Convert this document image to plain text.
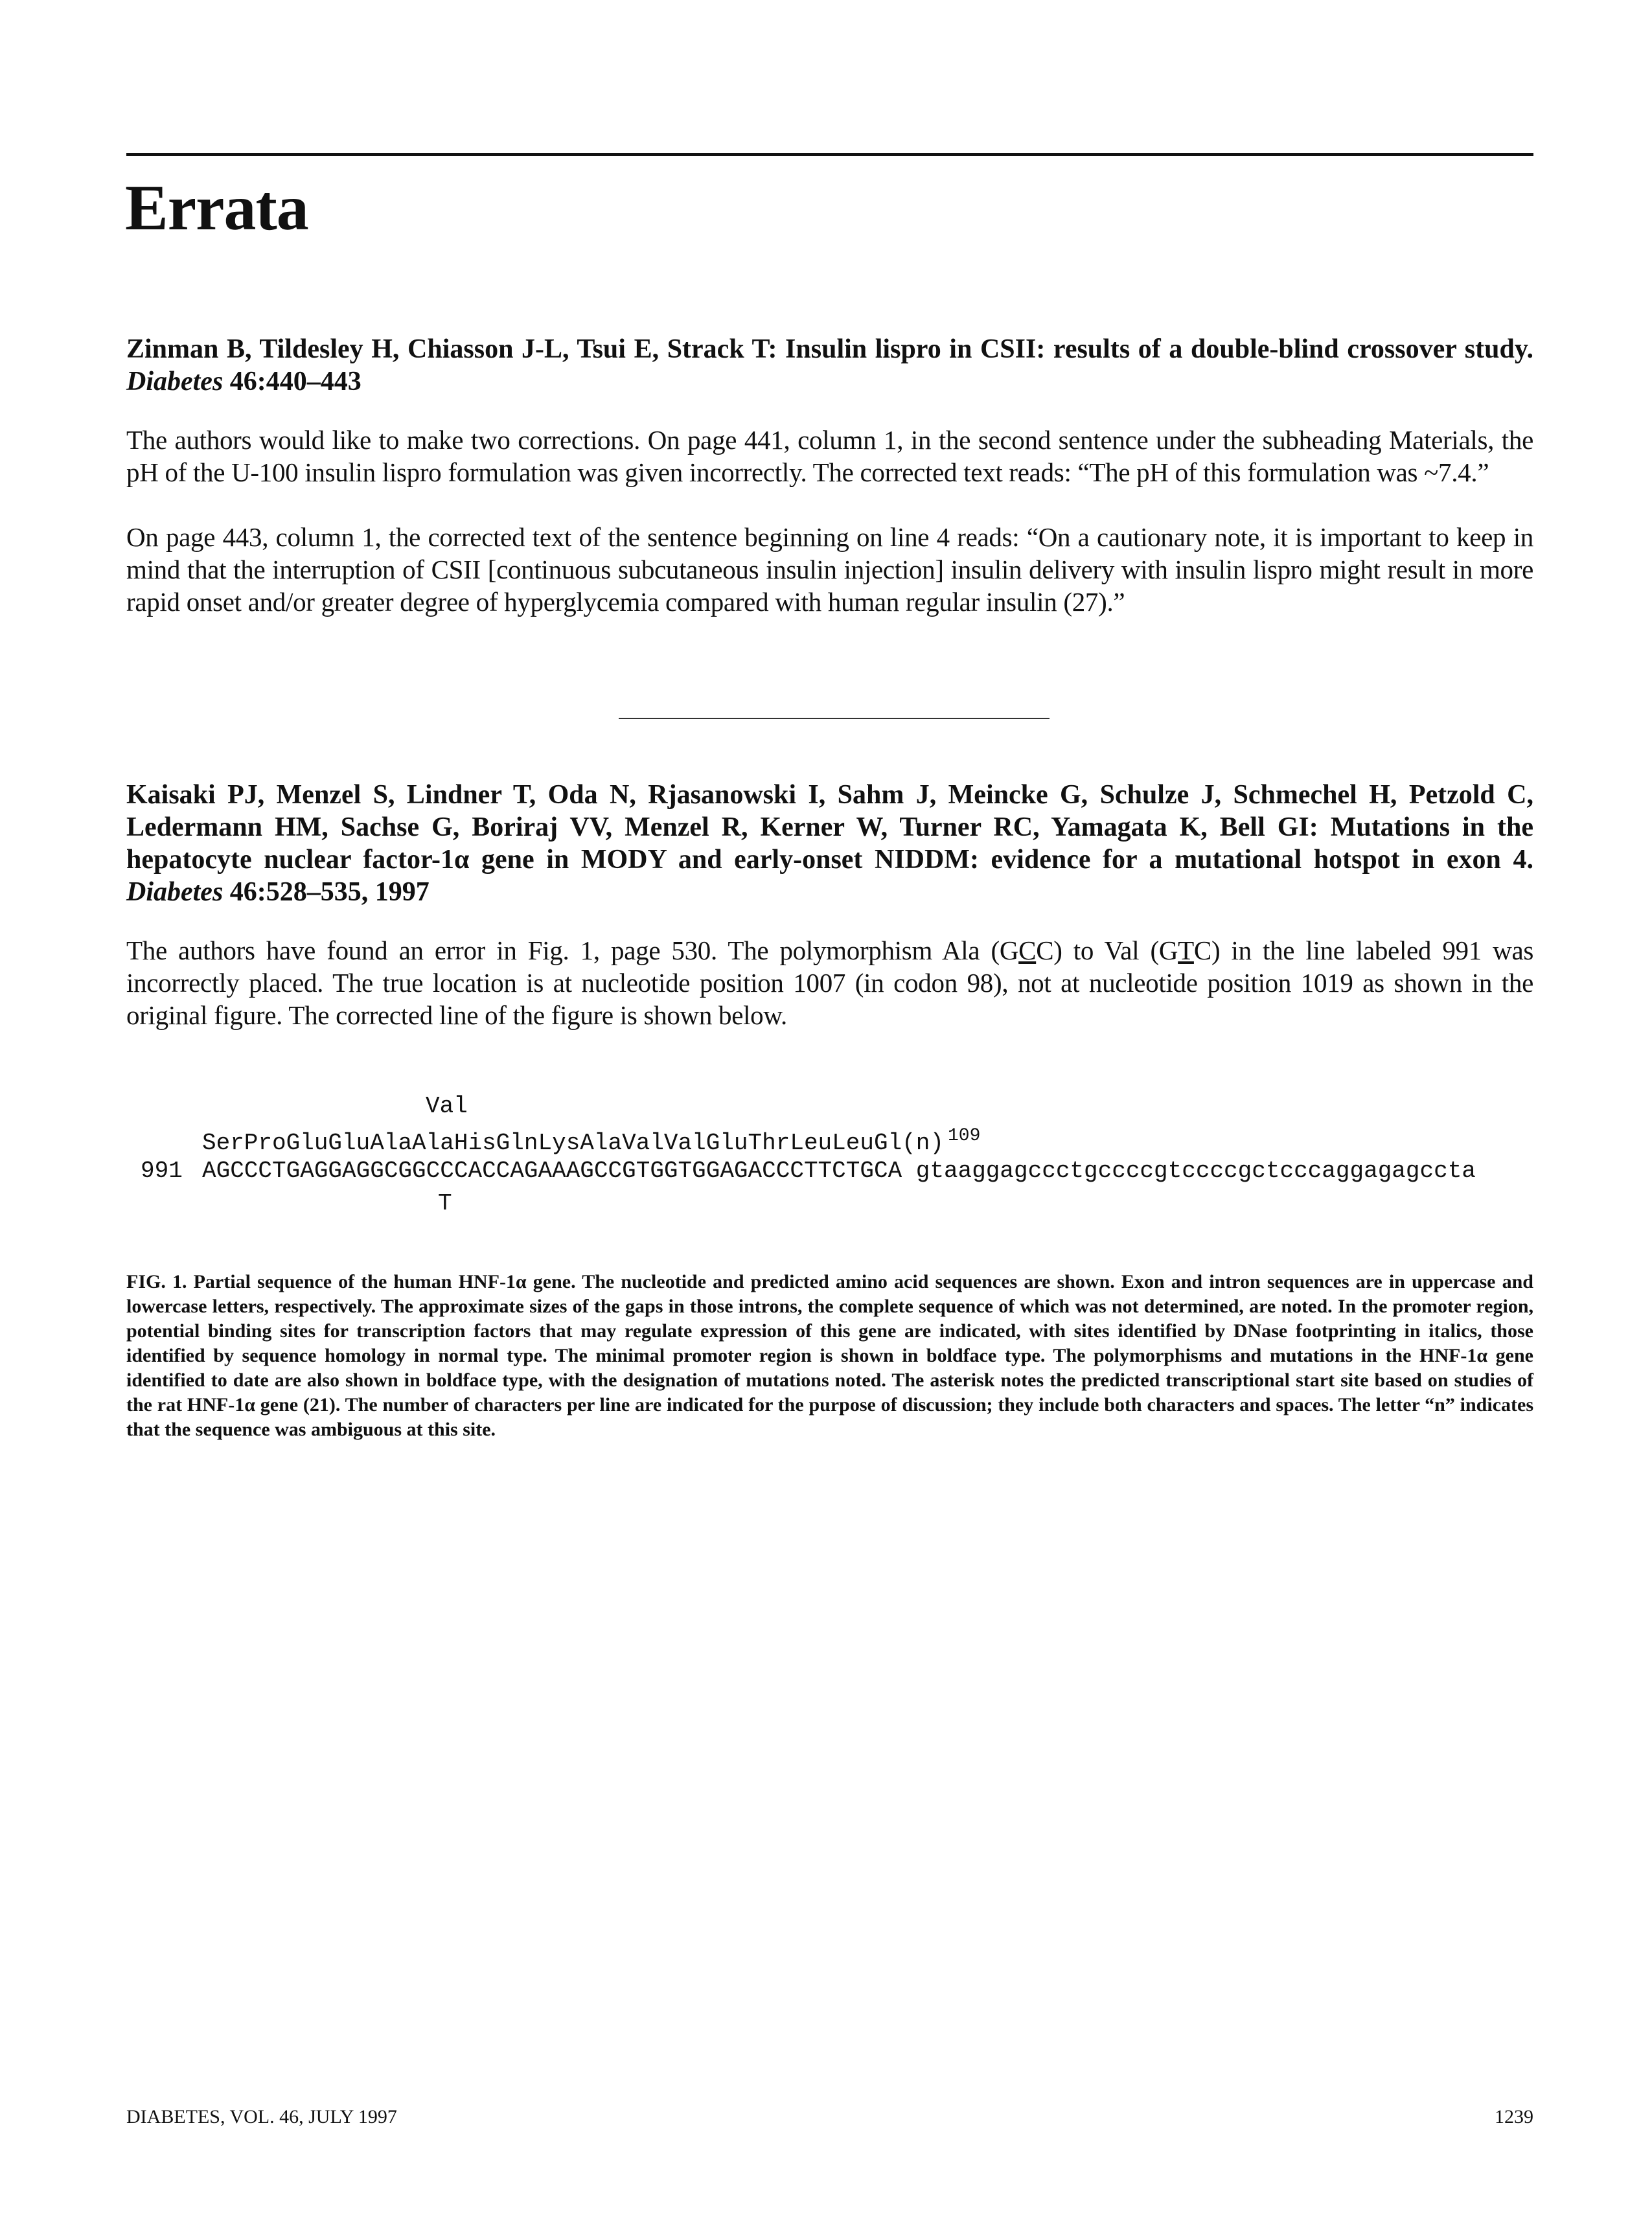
Errata

Zinman B, Tildesley H, Chiasson J-L, Tsui E, Strack T: Insulin lispro in CSII: results of a double-blind crossover study. Diabetes 46:440–443

The authors would like to make two corrections. On page 441, column 1, in the second sentence under the subheading Materials, the pH of the U-100 insulin lispro formulation was given incorrectly. The corrected text reads: “The pH of this formulation was ~7.4.”

On page 443, column 1, the corrected text of the sentence beginning on line 4 reads: “On a cautionary note, it is important to keep in mind that the interruption of CSII [continuous subcutaneous insulin injection] insulin delivery with insulin lispro might result in more rapid onset and/or greater degree of hyperglycemia compared with human regular insulin (27).”

Kaisaki PJ, Menzel S, Lindner T, Oda N, Rjasanowski I, Sahm J, Meincke G, Schulze J, Schmechel H, Petzold C, Ledermann HM, Sachse G, Boriraj VV, Menzel R, Kerner W, Turner RC, Yamagata K, Bell GI: Mutations in the hepatocyte nuclear factor-1α gene in MODY and early-onset NIDDM: evidence for a mutational hotspot in exon 4. Diabetes 46:528–535, 1997

The authors have found an error in Fig. 1, page 530. The polymorphism Ala (GCC) to Val (GTC) in the line labeled 991 was incorrectly placed. The true location is at nucleotide position 1007 (in codon 98), not at nucleotide position 1019 as shown in the original figure. The corrected line of the figure is shown below.

Val
SerProGluGluAlaAlaHisGlnLysAlaValValGluThrLeuLeuGl(n) $^{109}$
991 AGCCCTGAGGAGGCGGCCCACCAGAAAGCCGTGGTGGAGACCCTTCTGCA gtaaggagccctgccccgtccccgctcccaggagagccta
T

FIG. 1. Partial sequence of the human HNF-1α gene. The nucleotide and predicted amino acid sequences are shown. Exon and intron sequences are in uppercase and lowercase letters, respectively. The approximate sizes of the gaps in those introns, the complete sequence of which was not determined, are noted. In the promoter region, potential binding sites for transcription factors that may regulate expression of this gene are indicated, with sites identified by DNase footprinting in italics, those identified by sequence homology in normal type. The minimal promoter region is shown in boldface type. The polymorphisms and mutations in the HNF-1α gene identified to date are also shown in boldface type, with the designation of mutations noted. The asterisk notes the predicted transcriptional start site based on studies of the rat HNF-1α gene (21). The number of characters per line are indicated for the purpose of discussion; they include both characters and spaces. The letter “n” indicates that the sequence was ambiguous at this site.

DIABETES, VOL. 46, JULY 1997	1239
